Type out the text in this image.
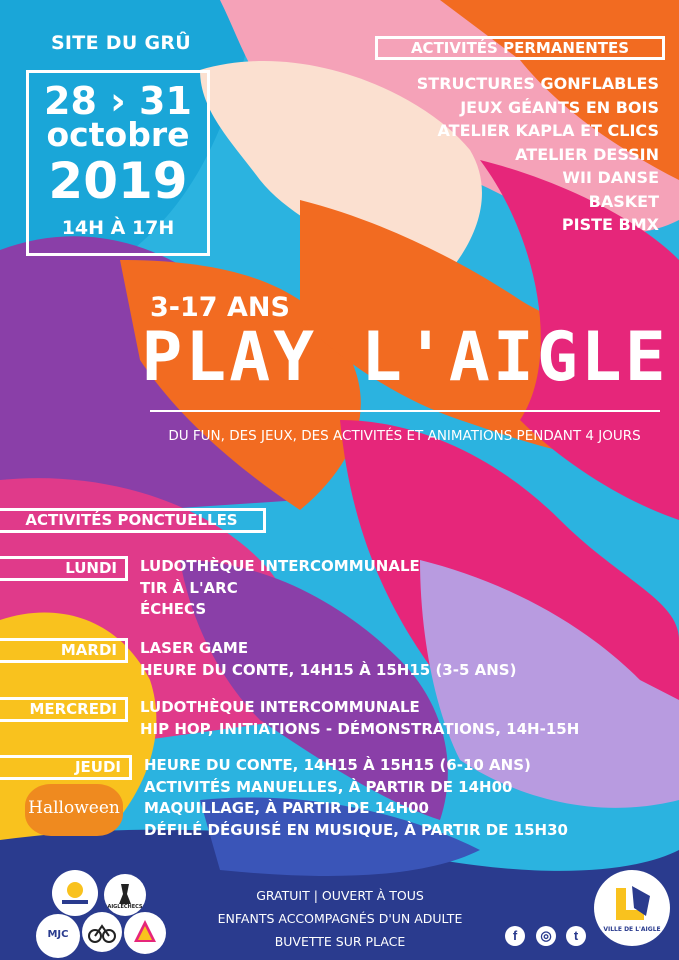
SITE DU GRÛ
28 › 31
octobre
2019
14H À 17H
ACTIVITÉS PERMANENTES
STRUCTURES GONFLABLES
JEUX GÉANTS EN BOIS
ATELIER KAPLA ET CLICS
ATELIER DESSIN
WII DANSE
BASKET
PISTE BMX
3-17 ANS
PLAY L'AIGLE
DU FUN, DES JEUX, DES ACTIVITÉS ET ANIMATIONS PENDANT 4 JOURS
ACTIVITÉS PONCTUELLES
LUNDI	LUDOTHÈQUE INTERCOMMUNALE
TIR À L'ARC
ÉCHECS
MARDI	LASER GAME
HEURE DU CONTE, 14H15 À 15H15 (3-5 ANS)
MERCREDI	LUDOTHÈQUE INTERCOMMUNALE
HIP HOP, INITIATIONS - DÉMONSTRATIONS, 14H-15H
JEUDI	HEURE DU CONTE, 14H15 À 15H15 (6-10 ANS)
ACTIVITÉS MANUELLES, À PARTIR DE 14H00
MAQUILLAGE, À PARTIR DE 14H00
DÉFILÉ DÉGUISÉ EN MUSIQUE, À PARTIR DE 15H30
Halloween
GRATUIT | OUVERT À TOUS
ENFANTS ACCOMPAGNÉS D'UN ADULTE
BUVETTE SUR PLACE
AIGLÉCHECS
MJC	f	◎	t	VILLE DE L'AIGLE
